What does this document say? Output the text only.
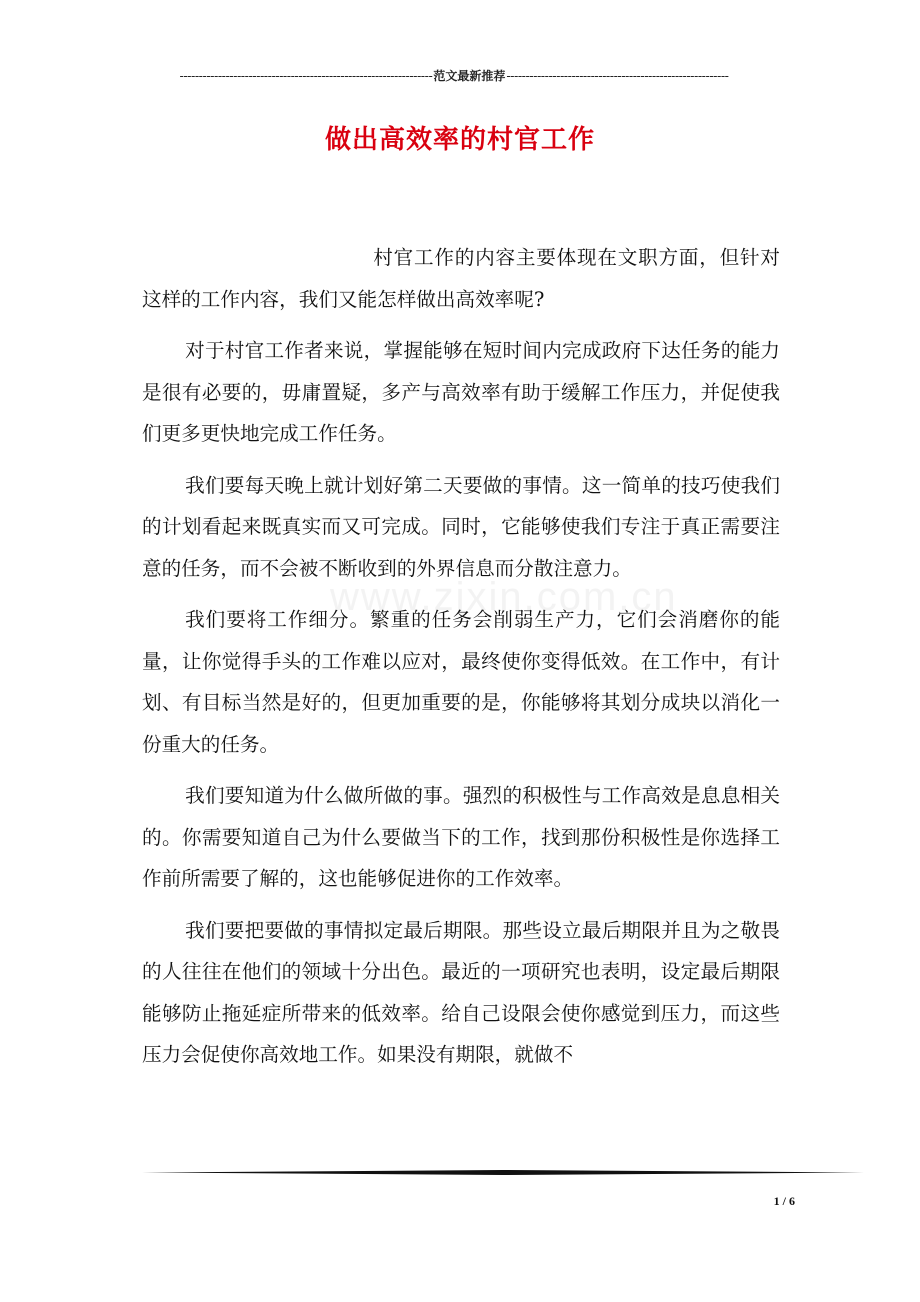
------------------------------------------------------------------范文最新推荐----------------------------------------------------------
做出高效率的村官工作
www.zixin.com.cn

村官工作的内容主要体现在文职方面，但针对这样的工作内容，我们又能怎样做出高效率呢?

对于村官工作者来说，掌握能够在短时间内完成政府下达任务的能力是很有必要的，毋庸置疑，多产与高效率有助于缓解工作压力，并促使我们更多更快地完成工作任务。

我们要每天晚上就计划好第二天要做的事情。这一简单的技巧使我们的计划看起来既真实而又可完成。同时，它能够使我们专注于真正需要注意的任务，而不会被不断收到的外界信息而分散注意力。

我们要将工作细分。繁重的任务会削弱生产力，它们会消磨你的能量，让你觉得手头的工作难以应对，最终使你变得低效。在工作中，有计划、有目标当然是好的，但更加重要的是，你能够将其划分成块以消化一份重大的任务。

我们要知道为什么做所做的事。强烈的积极性与工作高效是息息相关的。你需要知道自己为什么要做当下的工作，找到那份积极性是你选择工作前所需要了解的，这也能够促进你的工作效率。

我们要把要做的事情拟定最后期限。那些设立最后期限并且为之敬畏的人往往在他们的领域十分出色。最近的一项研究也表明，设定最后期限能够防止拖延症所带来的低效率。给自己设限会使你感觉到压力，而这些压力会促使你高效地工作。如果没有期限，就做不

1 / 6
